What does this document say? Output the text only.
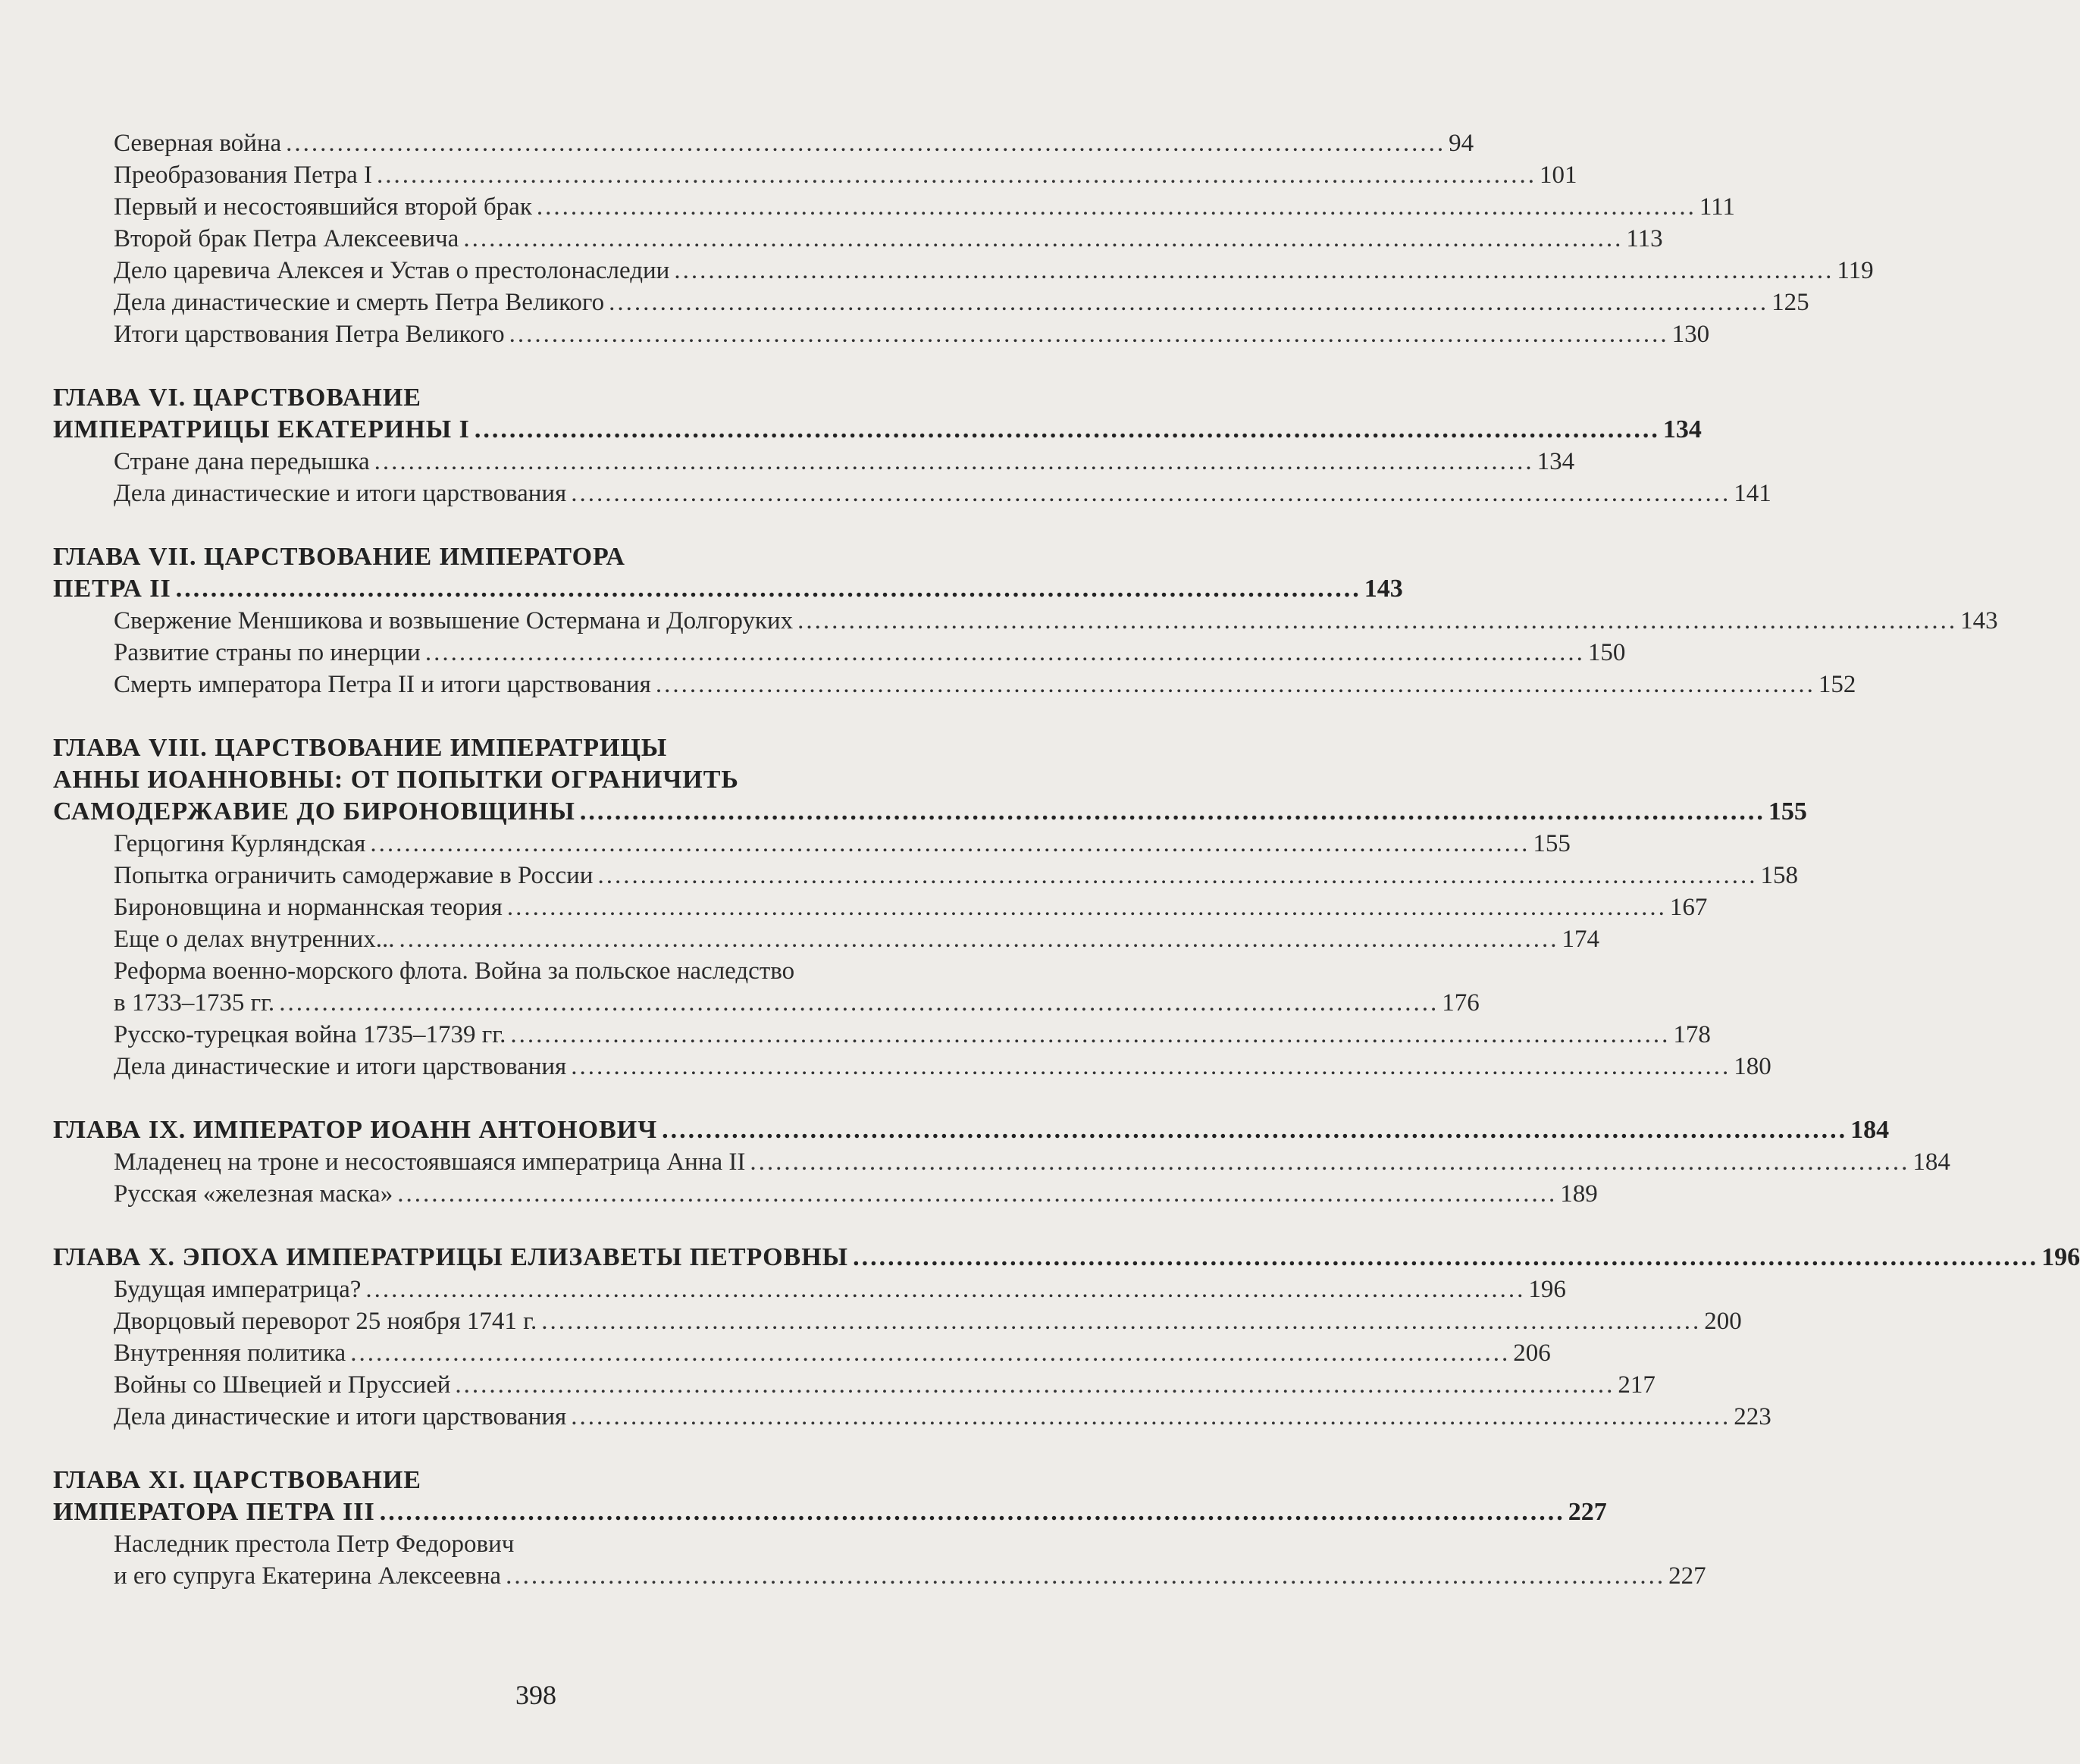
Северная война ........................................................................................................................................ 94
Преобразования Петра I ........................................................................................................................................ 101
Первый и несостоявшийся второй брак ........................................................................................................................................ 111
Второй брак Петра Алексеевича ........................................................................................................................................ 113
Дело царевича Алексея и Устав о престолонаследии ........................................................................................................................................ 119
Дела династические и смерть Петра Великого ........................................................................................................................................ 125
Итоги царствования Петра Великого ........................................................................................................................................ 130
ГЛАВА VI. ЦАРСТВОВАНИЕ
ИМПЕРАТРИЦЫ ЕКАТЕРИНЫ I ........................................................................................................................................ 134
Стране дана передышка ........................................................................................................................................ 134
Дела династические и итоги царствования ........................................................................................................................................ 141
ГЛАВА VII. ЦАРСТВОВАНИЕ ИМПЕРАТОРА
ПЕТРА II ........................................................................................................................................ 143
Свержение Меншикова и возвышение Остермана и Долгоруких ........................................................................................................................................ 143
Развитие страны по инерции ........................................................................................................................................ 150
Смерть императора Петра II и итоги царствования ........................................................................................................................................ 152
ГЛАВА VIII. ЦАРСТВОВАНИЕ ИМПЕРАТРИЦЫ
АННЫ ИОАННОВНЫ: ОТ ПОПЫТКИ ОГРАНИЧИТЬ
САМОДЕРЖАВИЕ ДО БИРОНОВЩИНЫ ........................................................................................................................................ 155
Герцогиня Курляндская ........................................................................................................................................ 155
Попытка ограничить самодержавие в России ........................................................................................................................................ 158
Бироновщина и норманнская теория ........................................................................................................................................ 167
Еще о делах внутренних... ........................................................................................................................................ 174
Реформа военно-морского флота. Война за польское наследство
в 1733–1735 гг. ........................................................................................................................................ 176
Русско-турецкая война 1735–1739 гг. ........................................................................................................................................ 178
Дела династические и итоги царствования ........................................................................................................................................ 180
ГЛАВА IX. ИМПЕРАТОР ИОАНН АНТОНОВИЧ ........................................................................................................................................ 184
Младенец на троне и несостоявшаяся императрица Анна II ........................................................................................................................................ 184
Русская «железная маска» ........................................................................................................................................ 189
ГЛАВА X. ЭПОХА ИМПЕРАТРИЦЫ ЕЛИЗАВЕТЫ ПЕТРОВНЫ ........................................................................................................................................ 196
Будущая императрица? ........................................................................................................................................ 196
Дворцовый переворот 25 ноября 1741 г. ........................................................................................................................................ 200
Внутренняя политика ........................................................................................................................................ 206
Войны со Швецией и Пруссией ........................................................................................................................................ 217
Дела династические и итоги царствования ........................................................................................................................................ 223
ГЛАВА XI. ЦАРСТВОВАНИЕ
ИМПЕРАТОРА ПЕТРА III ........................................................................................................................................ 227
Наследник престола Петр Федорович
и его супруга Екатерина Алексеевна ........................................................................................................................................ 227
398
